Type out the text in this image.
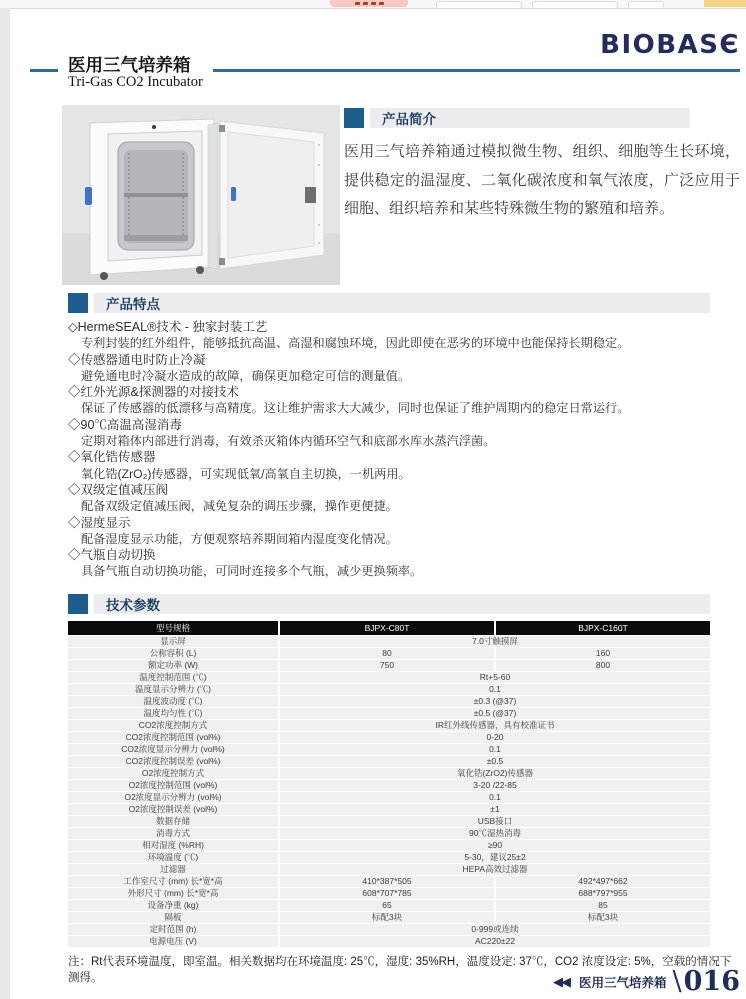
BIOBASЄ
医用三气培养箱
Tri-Gas CO2 Incubator
产品简介
医用三气培养箱通过模拟微生物、组织、细胞等生长环境，提供稳定的温湿度、二氧化碳浓度和氧气浓度，广泛应用于细胞、组织培养和某些特殊微生物的繁殖和培养。
产品特点
◇HermeSEAL®技术 - 独家封装工艺
专利封装的红外组件，能够抵抗高温、高湿和腐蚀环境，因此即使在恶劣的环境中也能保持长期稳定。
◇传感器通电时防止冷凝
避免通电时冷凝水造成的故障，确保更加稳定可信的测量值。
◇红外光源&探测器的对接技术
保证了传感器的低漂移与高精度。这让维护需求大大减少，同时也保证了维护周期内的稳定日常运行。
◇90℃高温高湿消毒
定期对箱体内部进行消毒，有效杀灭箱体内循环空气和底部水库水蒸汽浮菌。
◇氧化锆传感器
氧化锆(ZrO₂)传感器，可实现低氧/高氧自主切换，一机两用。
◇双级定值减压阀
配备双级定值减压阀，减免复杂的调压步骤，操作更便捷。
◇湿度显示
配备湿度显示功能，方便观察培养期间箱内湿度变化情况。
◇气瓶自动切换
具备气瓶自动切换功能，可同时连接多个气瓶，减少更换频率。
技术参数
型号规格	BJPX-C80T	BJPX-C160T
显示屏	7.0寸触摸屏
公称容积 (L)	80	160
额定功率 (W)	750	800
温度控制范围 (℃)	Rt+5-60
温度显示分辨力 (℃)	0.1
温度波动度 (℃)	±0.3 (@37)
温度均匀性 (℃)	±0.5 (@37)
CO2浓度控制方式	IR红外线传感器，具有校准证书
CO2浓度控制范围 (vol%)	0-20
CO2浓度显示分辨力 (vol%)	0.1
CO2浓度控制误差 (vol%)	±0.5
O2浓度控制方式	氧化锆(ZrO2)传感器
O2浓度控制范围 (vol%)	3-20 /22-85
O2浓度显示分辨力 (vol%)	0.1
O2浓度控制误差 (vol%)	±1
数据存储	USB接口
消毒方式	90℃湿热消毒
相对湿度 (%RH)	≥90
环境温度 (℃)	5-30，建议25±2
过滤器	HEPA高效过滤器
工作室尺寸 (mm) 长*宽*高	410*387*505	492*497*662
外形尺寸 (mm) 长*宽*高	608*707*785	688*797*955
设备净重 (kg)	65	85
隔板	标配3块	标配3块
定时范围 (h)	0-999或连续
电源电压 (V)	AC220±22
注：Rt代表环境温度，即室温。相关数据均在环境温度: 25℃，湿度: 35%RH，温度设定: 37℃，CO2 浓度设定: 5%，空载的情况下测得。	◀◀ 医用三气培养箱 \ 016
